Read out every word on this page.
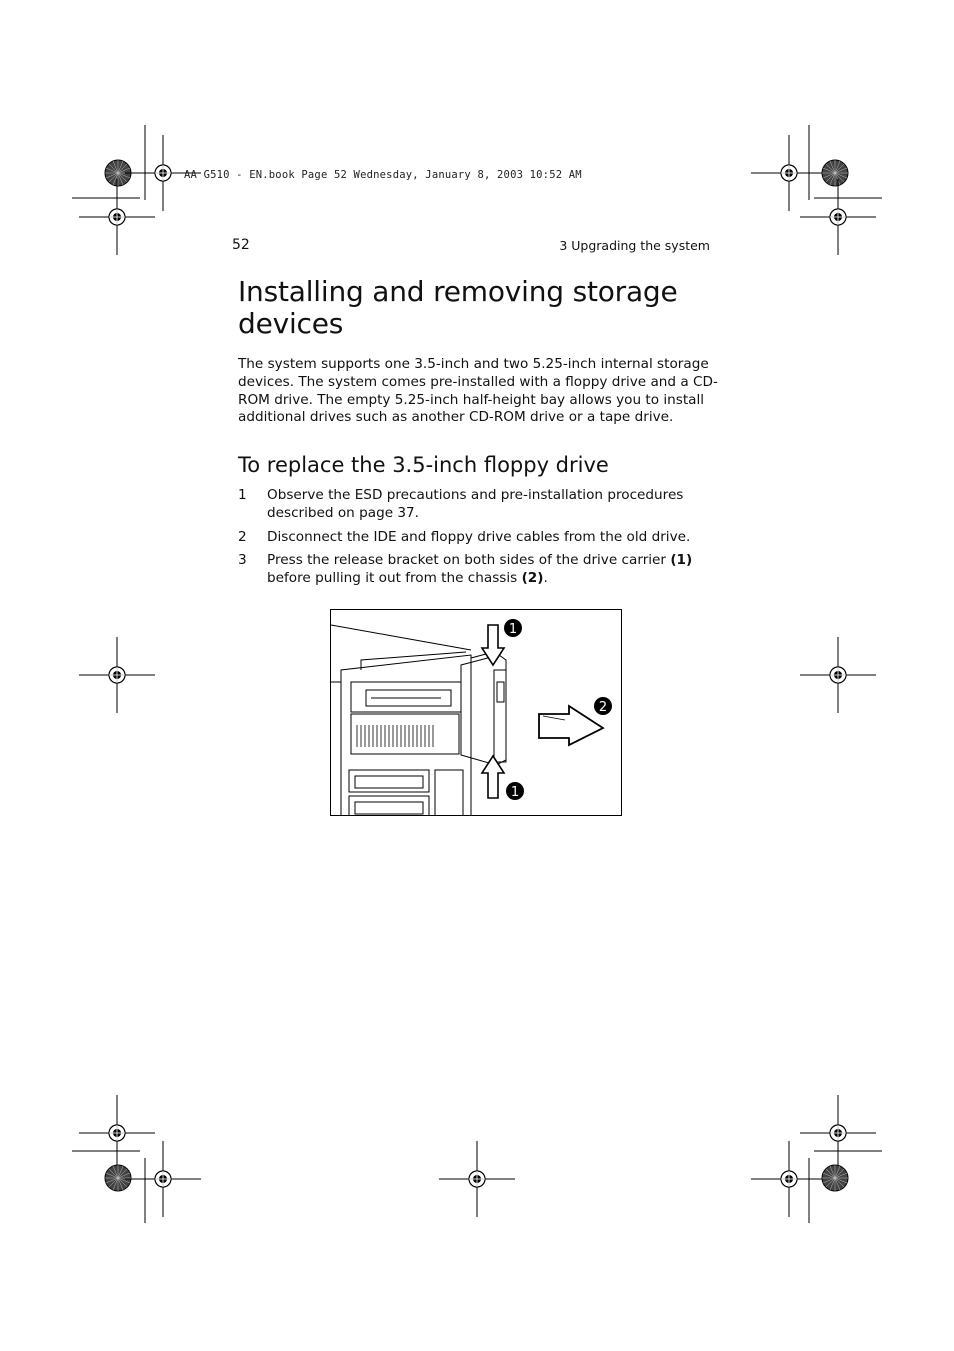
AA G510 - EN.book Page 52 Wednesday, January 8, 2003 10:52 AM
52	3 Upgrading the system
Installing and removing storage devices

The system supports one 3.5-inch and two 5.25-inch internal storage devices. The system comes pre-installed with a floppy drive and a CD-ROM drive. The empty 5.25-inch half-height bay allows you to install additional drives such as another CD-ROM drive or a tape drive.

To replace the 3.5-inch floppy drive
1 Observe the ESD precautions and pre-installation procedures described on page 37.
2 Disconnect the IDE and floppy drive cables from the old drive.
3 Press the release bracket on both sides of the drive carrier (1) before pulling it out from the chassis (2).
1
2
1
